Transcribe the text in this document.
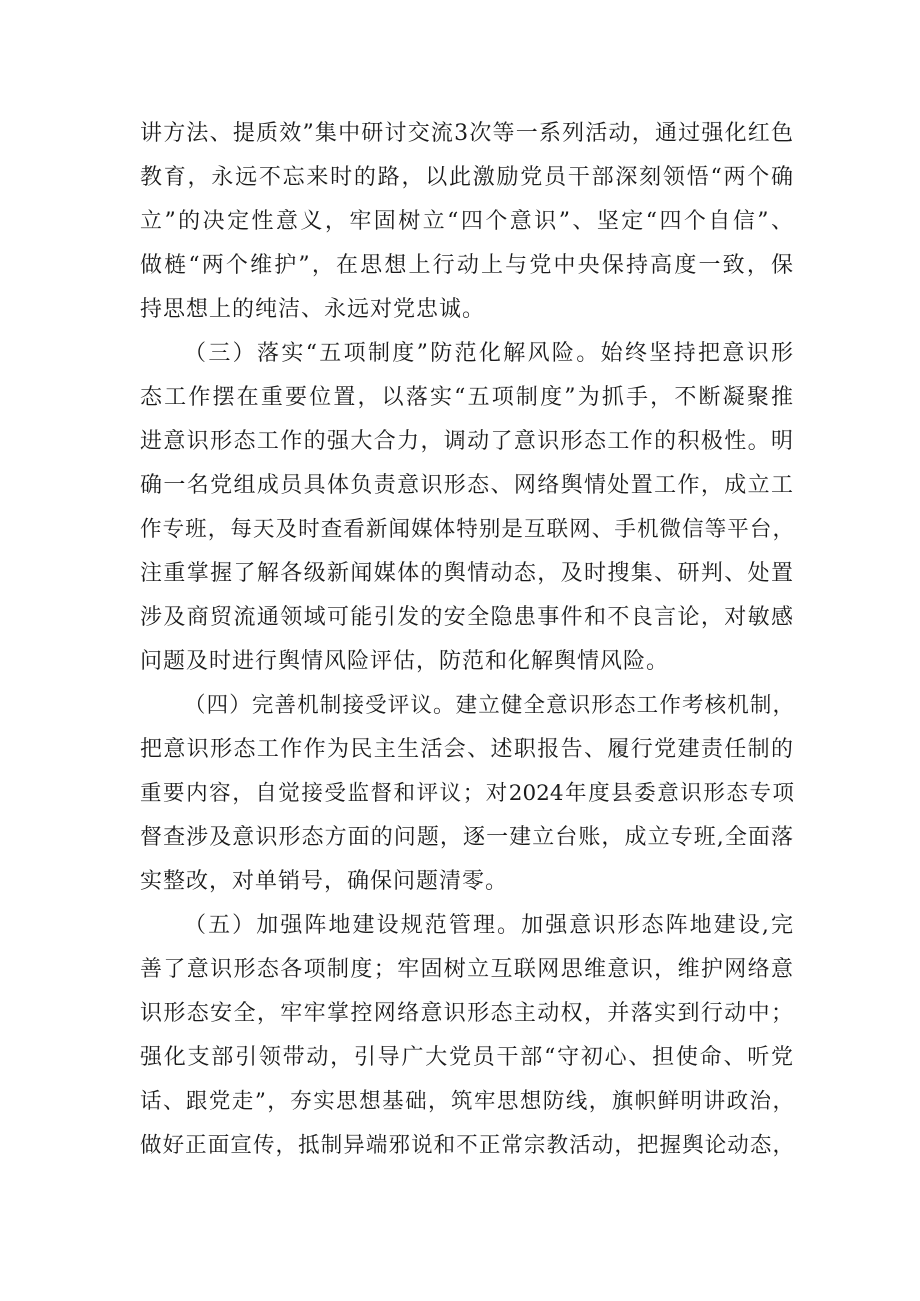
讲方法、提质效”集中研讨交流3次等一系列活动，通过强化红色
教育，永远不忘来时的路，以此激励党员干部深刻领悟“两个确
立”的决定性意义，牢固树立“四个意识”、坚定“四个自信”、
做梿“两个维护”，在思想上行动上与党中央保持高度一致，保
持思想上的纯洁、永远对党忠诚。
（三）落实“五项制度”防范化解风险。始终坚持把意识形
态工作摆在重要位置，以落实“五项制度”为抓手，不断凝聚推
进意识形态工作的强大合力，调动了意识形态工作的积极性。明
确一名党组成员具体负责意识形态、网络舆情处置工作，成立工
作专班，每天及时查看新闻媒体特别是互联网、手机微信等平台，
注重掌握了解各级新闻媒体的舆情动态，及时搜集、研判、处置
涉及商贸流通领域可能引发的安全隐患事件和不良言论，对敏感
问题及时进行舆情风险评估，防范和化解舆情风险。
（四）完善机制接受评议。建立健全意识形态工作考核机制，
把意识形态工作作为民主生活会、述职报告、履行党建责任制的
重要内容，自觉接受监督和评议；对2024年度县委意识形态专项
督查涉及意识形态方面的问题，逐一建立台账，成立专班,全面落
实整改，对单销号，确保问题清零。
（五）加强阵地建设规范管理。加强意识形态阵地建设,完
善了意识形态各项制度；牢固树立互联网思维意识，维护网络意
识形态安全，牢牢掌控网络意识形态主动权，并落实到行动中；
强化支部引领带动，引导广大党员干部“守初心、担使命、听党
话、跟党走”，夯实思想基础，筑牢思想防线，旗帜鲜明讲政治，
做好正面宣传，抵制异端邪说和不正常宗教活动，把握舆论动态，
